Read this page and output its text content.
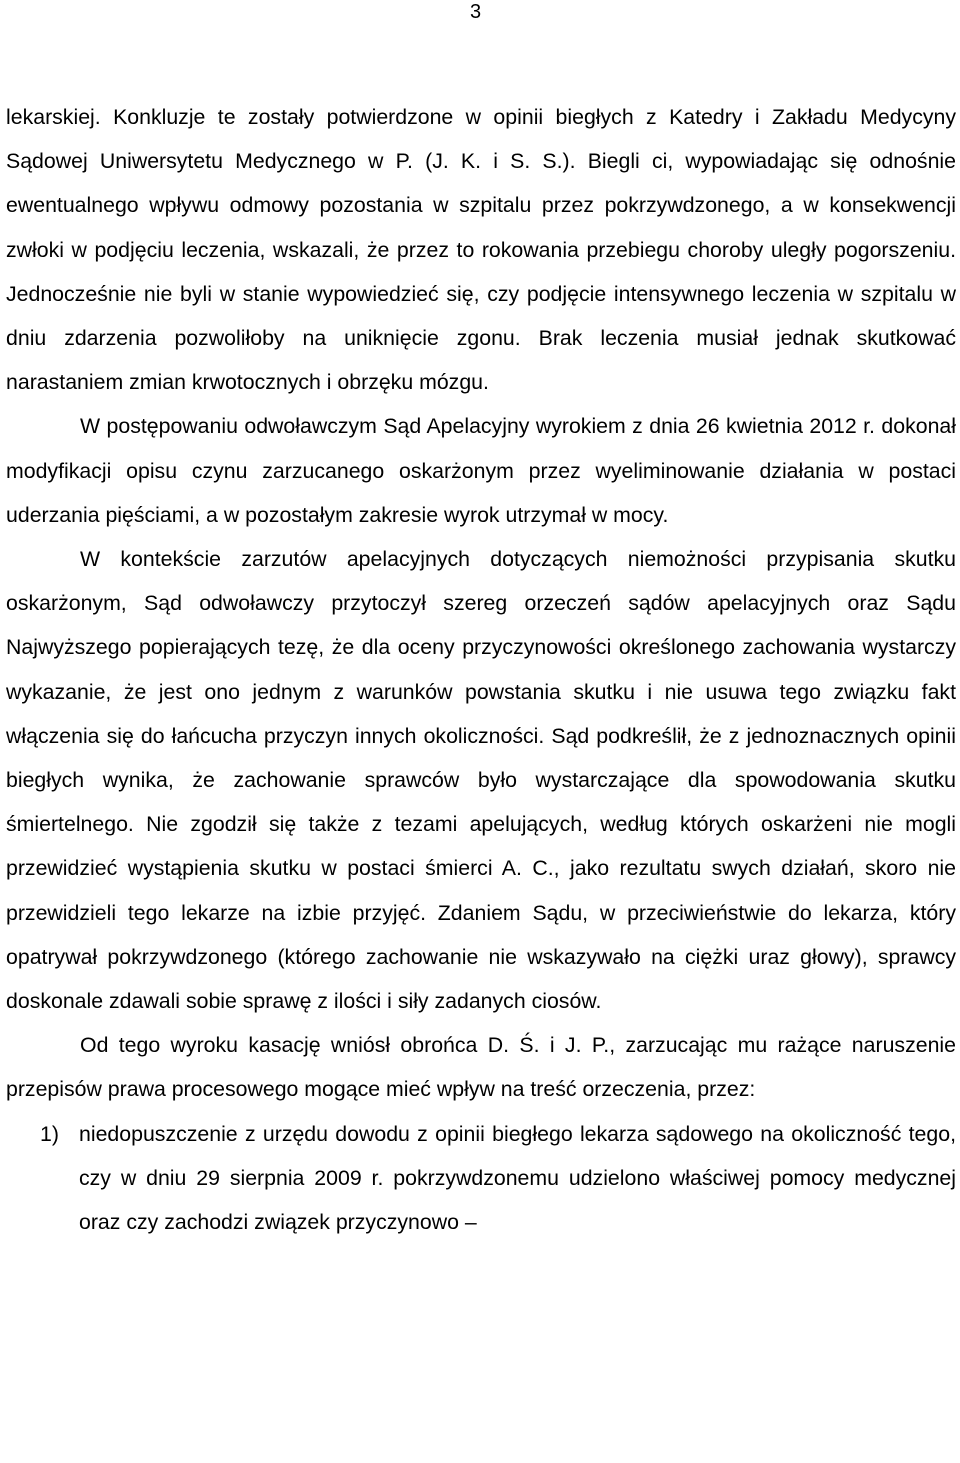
3

lekarskiej. Konkluzje te zostały potwierdzone w opinii biegłych z Katedry i Zakładu Medycyny Sądowej Uniwersytetu Medycznego w P. (J. K. i S. S.). Biegli ci, wypowiadając się odnośnie ewentualnego wpływu odmowy pozostania w szpitalu przez pokrzywdzonego, a w konsekwencji zwłoki w podjęciu leczenia, wskazali, że przez to rokowania przebiegu choroby uległy pogorszeniu. Jednocześnie nie byli w stanie wypowiedzieć się, czy podjęcie intensywnego leczenia w szpitalu w dniu zdarzenia pozwoliłoby na uniknięcie zgonu. Brak leczenia musiał jednak skutkować narastaniem zmian krwotocznych i obrzęku mózgu.

W postępowaniu odwoławczym Sąd Apelacyjny wyrokiem z dnia 26 kwietnia 2012 r. dokonał modyfikacji opisu czynu zarzucanego oskarżonym przez wyeliminowanie działania w postaci uderzania pięściami, a w pozostałym zakresie wyrok utrzymał w mocy.

W kontekście zarzutów apelacyjnych dotyczących niemożności przypisania skutku oskarżonym, Sąd odwoławczy przytoczył szereg orzeczeń sądów apelacyjnych oraz Sądu Najwyższego popierających tezę, że dla oceny przyczynowości określonego zachowania wystarczy wykazanie, że jest ono jednym z warunków powstania skutku i nie usuwa tego związku fakt włączenia się do łańcucha przyczyn innych okoliczności. Sąd podkreślił, że z jednoznacznych opinii biegłych wynika, że zachowanie sprawców było wystarczające dla spowodowania skutku śmiertelnego. Nie zgodził się także z tezami apelujących, według których oskarżeni nie mogli przewidzieć wystąpienia skutku w postaci śmierci A. C., jako rezultatu swych działań, skoro nie przewidzieli tego lekarze na izbie przyjęć. Zdaniem Sądu, w przeciwieństwie do lekarza, który opatrywał pokrzywdzonego (którego zachowanie nie wskazywało na ciężki uraz głowy), sprawcy doskonale zdawali sobie sprawę z ilości i siły zadanych ciosów.

Od tego wyroku kasację wniósł obrońca D. Ś. i J. P., zarzucając mu rażące naruszenie przepisów prawa procesowego mogące mieć wpływ na treść orzeczenia, przez:

1) niedopuszczenie z urzędu dowodu z opinii biegłego lekarza sądowego na okoliczność tego, czy w dniu 29 sierpnia 2009 r. pokrzywdzonemu udzielono właściwej pomocy medycznej oraz czy zachodzi związek przyczynowo –
